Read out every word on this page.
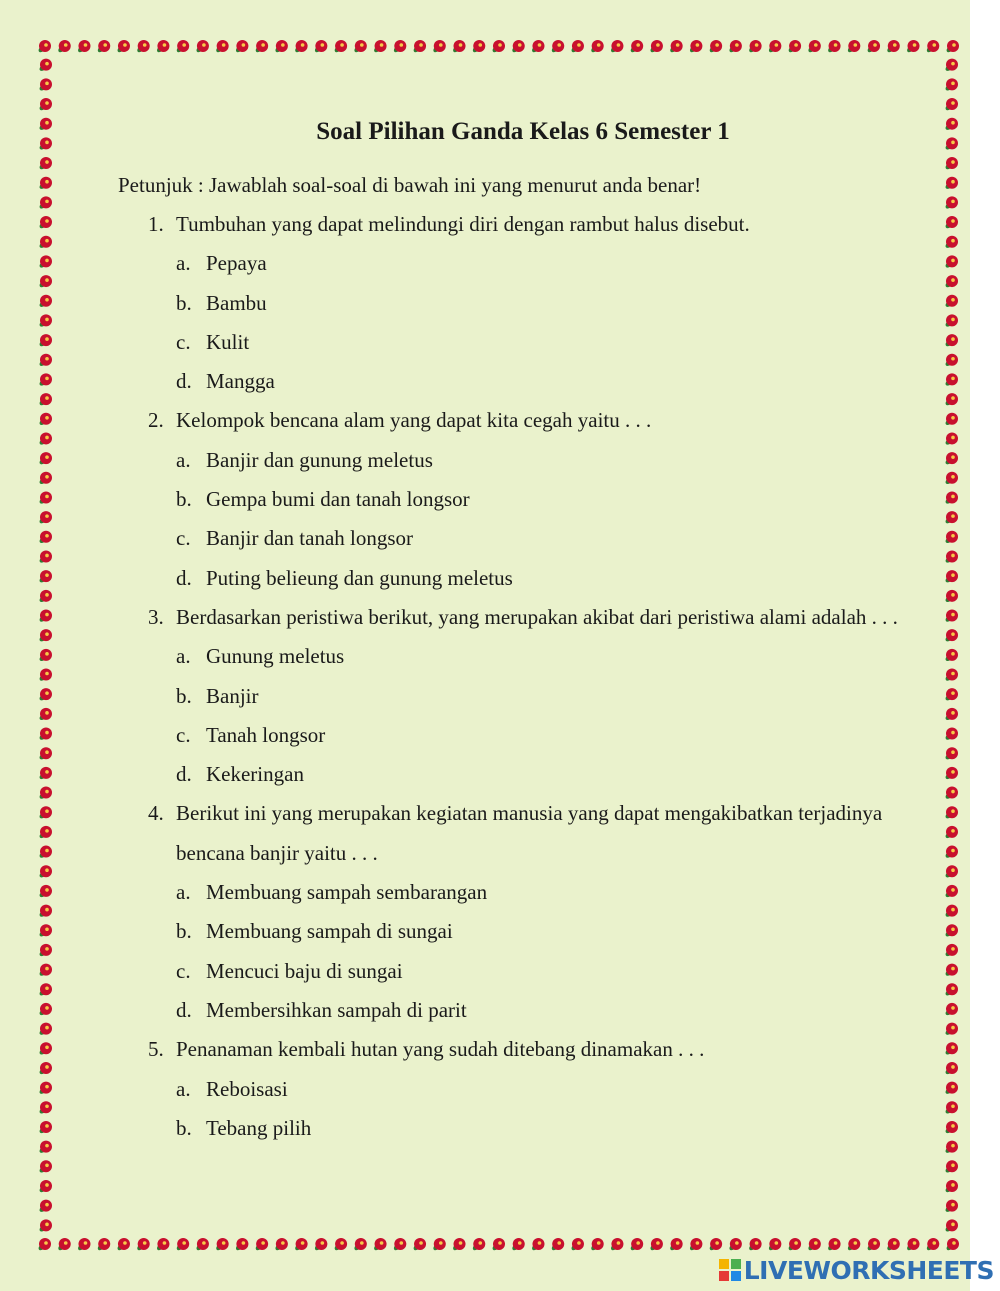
Soal Pilihan Ganda Kelas 6 Semester 1
Petunjuk : Jawablah soal-soal di bawah ini yang menurut anda benar!
1. Tumbuhan yang dapat melindungi diri dengan rambut halus disebut.
a. Pepaya
b. Bambu
c. Kulit
d. Mangga
2. Kelompok bencana alam yang dapat kita cegah yaitu . . .
a. Banjir dan gunung meletus
b. Gempa bumi dan tanah longsor
c. Banjir dan tanah longsor
d. Puting belieung dan gunung meletus
3. Berdasarkan peristiwa berikut, yang merupakan akibat dari peristiwa alami adalah . . .
a. Gunung meletus
b. Banjir
c. Tanah longsor
d. Kekeringan
4. Berikut ini yang merupakan kegiatan manusia yang dapat mengakibatkan terjadinya bencana banjir yaitu . . .
a. Membuang sampah sembarangan
b. Membuang sampah di sungai
c. Mencuci baju di sungai
d. Membersihkan sampah di parit
5. Penanaman kembali hutan yang sudah ditebang dinamakan . . .
a. Reboisasi
b. Tebang pilih
LIVEWORKSHEETS
